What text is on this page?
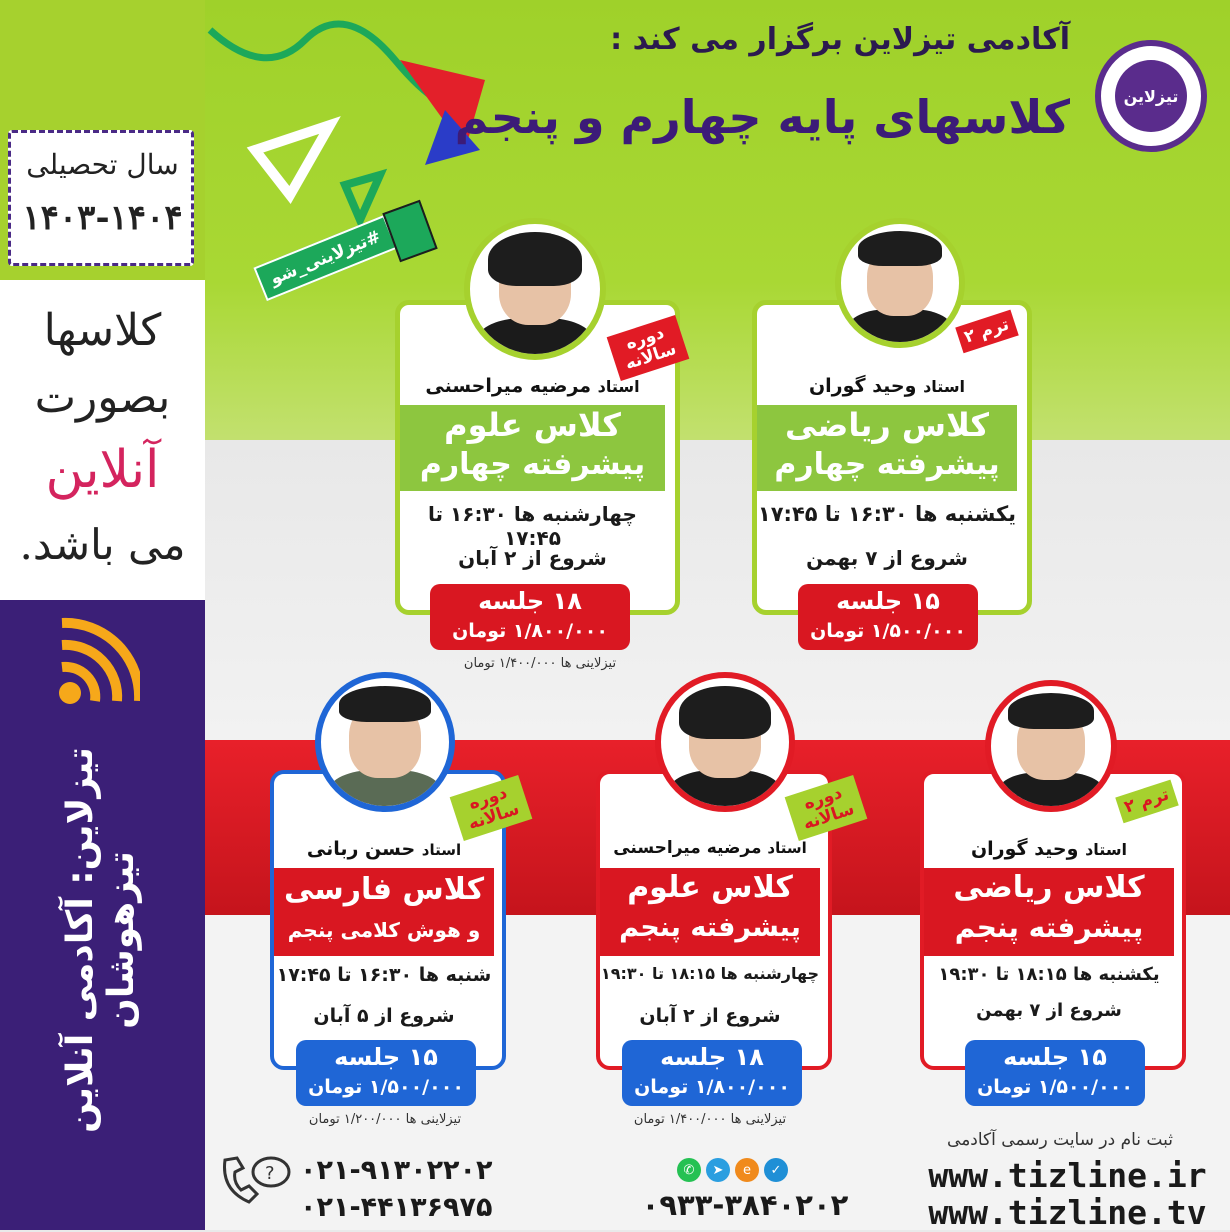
سال تحصیلی
۱۴۰۳-۱۴۰۴
کلاسها
بصورت
آنلاین
می باشد.
تیزلاین: آکادمی آنلاین تیزهوشان
تیزلاین
آکادمی تیزلاین برگزار می کند :
کلاسهای پایه چهارم و پنجم
#تیزلاینی_شو
ترم ۲
استاد وحید گوران
کلاس ریاضی
پیشرفته چهارم
یکشنبه ها ۱۶:۳۰ تا ۱۷:۴۵
شروع از ۷ بهمن
۱۵ جلسه
۱/۵۰۰/۰۰۰ تومان
دوره سالانه
استاد مرضیه میراحسنی
کلاس علوم
پیشرفته چهارم
چهارشنبه ها ۱۶:۳۰ تا ۱۷:۴۵
شروع از ۲ آبان
۱۸ جلسه
۱/۸۰۰/۰۰۰ تومان
تیزلاینی ها ۱/۴۰۰/۰۰۰ تومان
ترم ۲
استاد وحید گوران
کلاس ریاضی
پیشرفته پنجم
یکشنبه ها ۱۸:۱۵ تا ۱۹:۳۰
شروع از ۷ بهمن
۱۵ جلسه
۱/۵۰۰/۰۰۰ تومان
دوره سالانه
استاد مرضیه میراحسنی
کلاس علوم
پیشرفته پنجم
چهارشنبه ها ۱۸:۱۵ تا ۱۹:۳۰
شروع از ۲ آبان
۱۸ جلسه
۱/۸۰۰/۰۰۰ تومان
تیزلاینی ها ۱/۴۰۰/۰۰۰ تومان
دوره سالانه
استاد حسن ربانی
کلاس فارسی
و هوش کلامی پنجم
شنبه ها ۱۶:۳۰ تا ۱۷:۴۵
شروع از ۵ آبان
۱۵ جلسه
۱/۵۰۰/۰۰۰ تومان
تیزلاینی ها ۱/۲۰۰/۰۰۰ تومان
? ۰۲۱-۹۱۳۰۲۲۰۲
۰۲۱-۴۴۱۳۶۹۷۵
✆	➤	e	✓
۰۹۳۳-۳۸۴۰۲۰۲
ثبت نام در سایت رسمی آکادمی
www.tizline.ir
www.tizline.tv
